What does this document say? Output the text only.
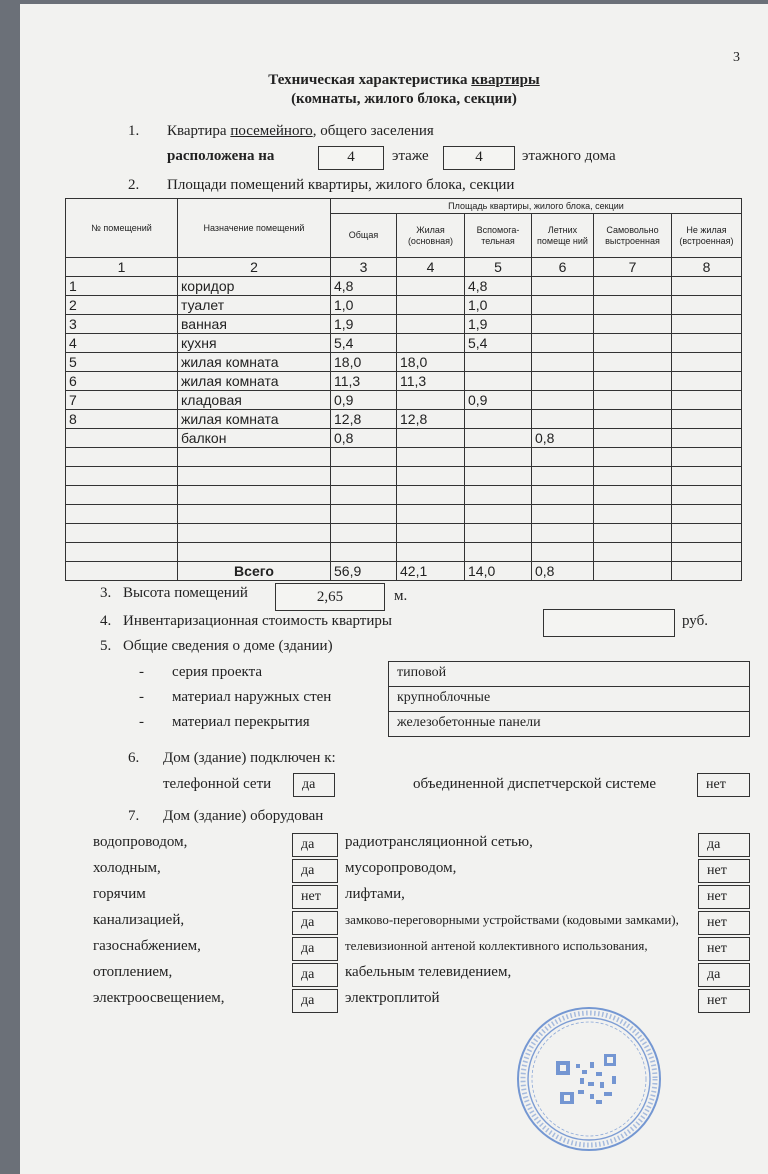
3
Техническая характеристика квартиры
(комнаты, жилого блока, секции)
1. Квартира посемейного, общего заселения
расположена на	4	этаже	4	этажного дома
2. Площади помещений квартиры, жилого блока, секции
№ помещений	Назначение помещений	Площадь квартиры, жилого блока, секции					
		Общая	Жилая (основная)	Вспомога-тельная	Летних помеще ний	Самовольно выстроенная	Не жилая (встроенная)
1	2	3	4	5	6	7	8
1	коридор	4,8		4,8			
2	туалет	1,0		1,0			
3	ванная	1,9		1,9			
4	кухня	5,4		5,4			
5	жилая комната	18,0	18,0				
6	жилая комната	11,3	11,3				
7	кладовая	0,9		0,9			
8	жилая комната	12,8	12,8				
	балкон	0,8			0,8		

	Всего	56,9	42,1	14,0	0,8		
3. Высота помещений	2,65	м.
4. Инвентаризационная стоимость квартиры	руб.
5. Общие сведения о доме (здании)
- серия проекта	типовой
- материал наружных стен	крупноблочные
- материал перекрытия	железобетонные панели
6. Дом (здание) подключен к:
телефонной сети	да	объединенной диспетчерской системе	нет
7. Дом (здание) оборудован
водопроводом,	да	радиотрансляционной сетью,	да
холодным,	да	мусоропроводом,	нет
горячим	нет	лифтами,	нет
канализацией,	да	замково-переговорными устройствами (кодовыми замками),	нет
газоснабжением,	да	телевизионной антеной коллективного использования,	нет
отоплением,	да	кабельным телевидением,	да
электроосвещением,	да	электроплитой	нет
